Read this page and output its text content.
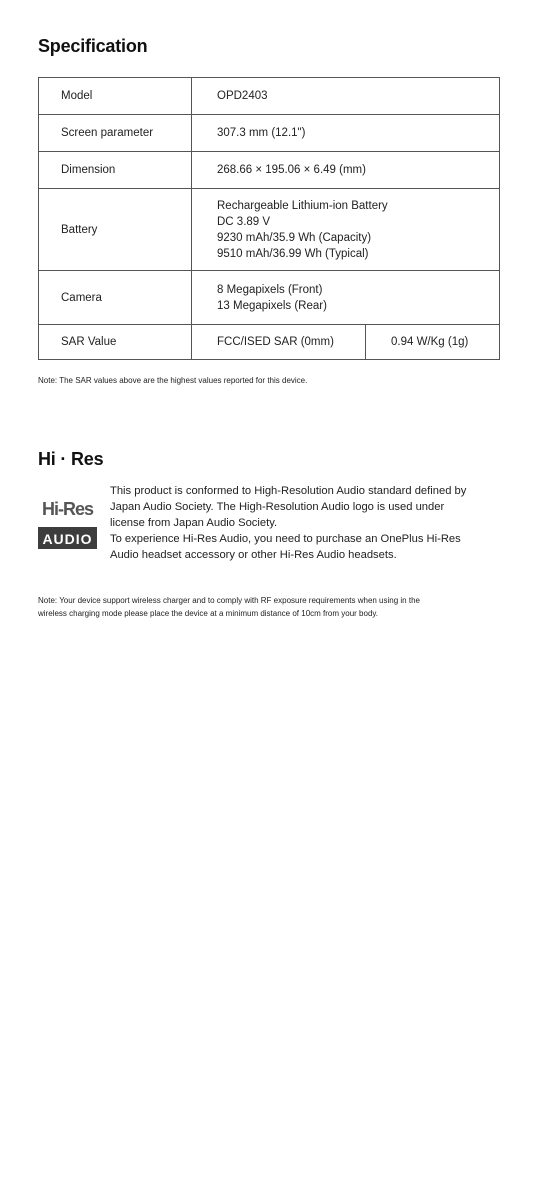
Specification
Model	OPD2403	
Screen parameter	307.3 mm (12.1")	
Dimension	268.66 × 195.06 × 6.49 (mm)	
Battery	Rechargeable Lithium-ion Battery
DC 3.89 V
9230 mAh/35.9 Wh (Capacity)
9510 mAh/36.99 Wh (Typical)	

Camera	8 Megapixels (Front)
13 Megapixels (Rear)	

SAR Value	FCC/ISED SAR (0mm)	0.94 W/Kg (1g)
Note: The SAR values above are the highest values reported for this device.
Hi · Res
Hi-Res
AUDIO
This product is conformed to High-Resolution Audio standard defined by
Japan Audio Society. The High-Resolution Audio logo is used under
license from Japan Audio Society.
To experience Hi-Res Audio, you need to purchase an OnePlus Hi-Res
Audio headset accessory or other Hi-Res Audio headsets.
Note: Your device support wireless charger and to comply with RF exposure requirements when using in the
wireless charging mode please place the device at a minimum distance of 10cm from your body.
